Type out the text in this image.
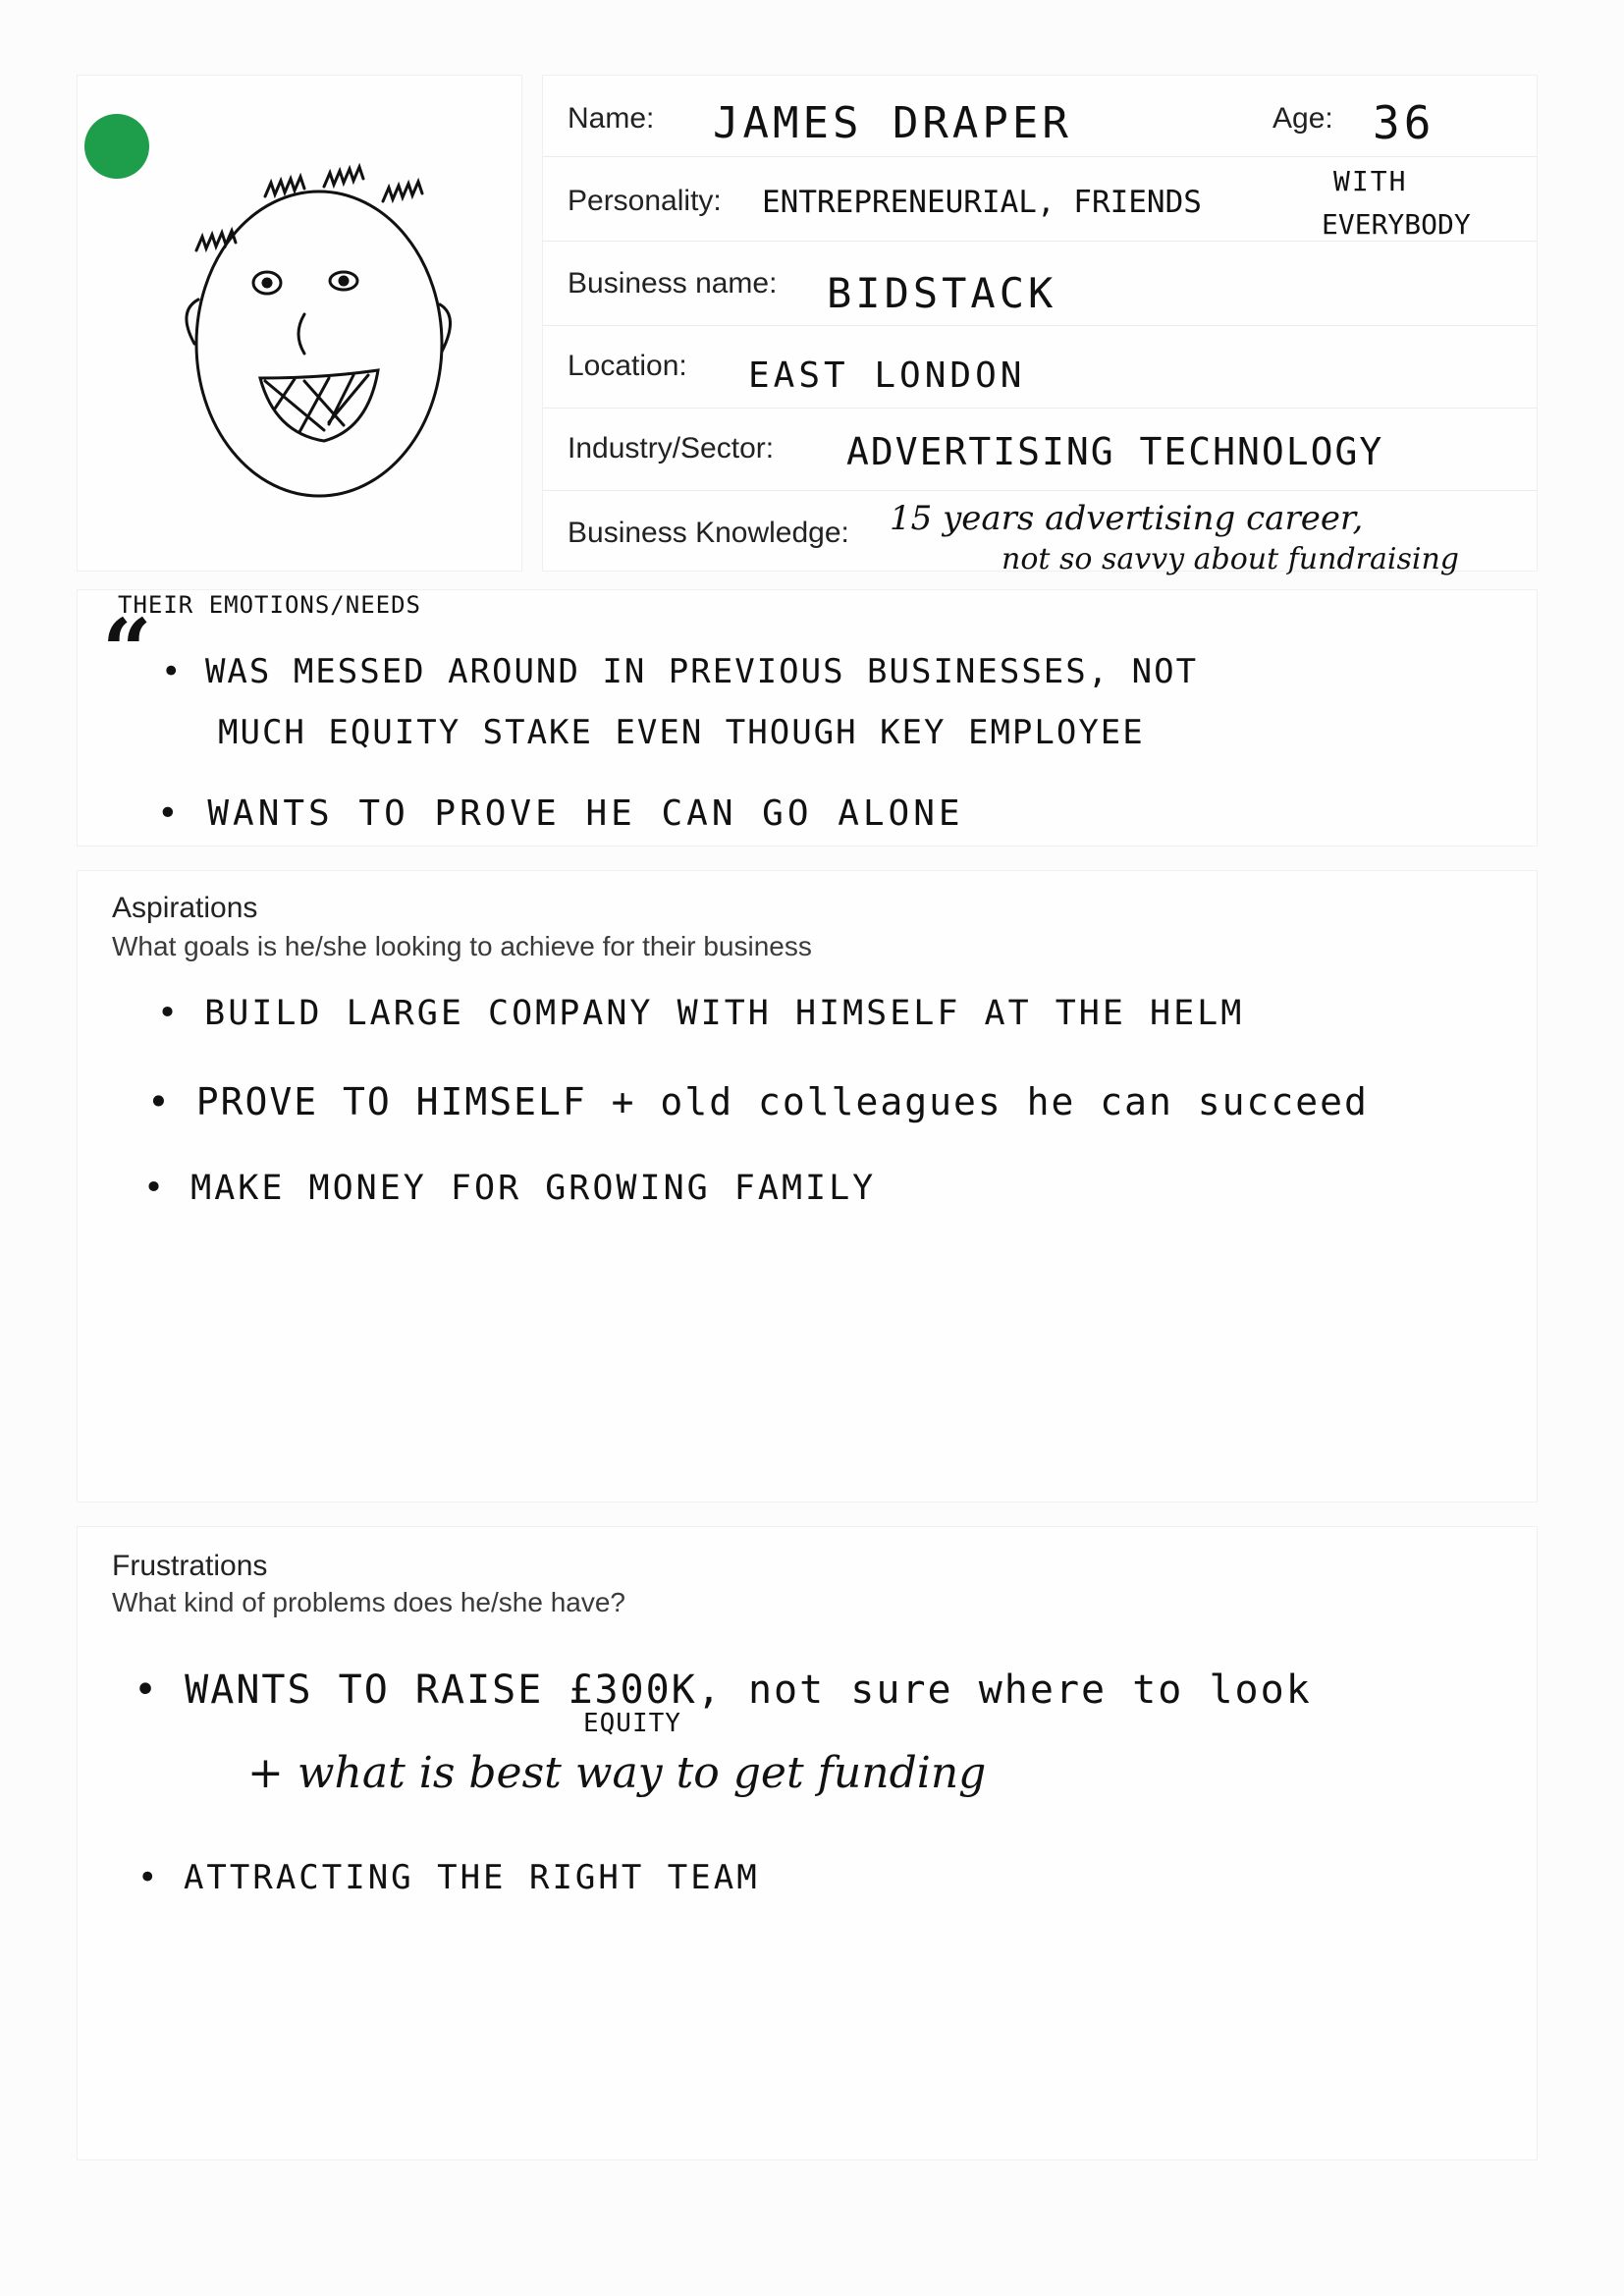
Name: JAMES DRAPER	Age: 36
Personality: ENTREPRENEURIAL, FRIENDS
WITH
EVERYBODY
Business name: BIDSTACK
Location: EAST LONDON
Industry/Sector: ADVERTISING TECHNOLOGY
Business Knowledge: 15 years advertising career,
not so savvy about fundraising
THEIR EMOTIONS/NEEDS
“ • WAS MESSED AROUND IN PREVIOUS BUSINESSES, NOT
MUCH EQUITY STAKE EVEN THOUGH KEY EMPLOYEE
• WANTS TO PROVE HE CAN GO ALONE
Aspirations
What goals is he/she looking to achieve for their business
• BUILD LARGE COMPANY WITH HIMSELF AT THE HELM
• PROVE TO HIMSELF + old colleagues he can succeed
• MAKE MONEY FOR GROWING FAMILY
Frustrations
What kind of problems does he/she have?
• WANTS TO RAISE £300K, not sure where to look
EQUITY
+ what is best way to get funding
• ATTRACTING THE RIGHT TEAM
